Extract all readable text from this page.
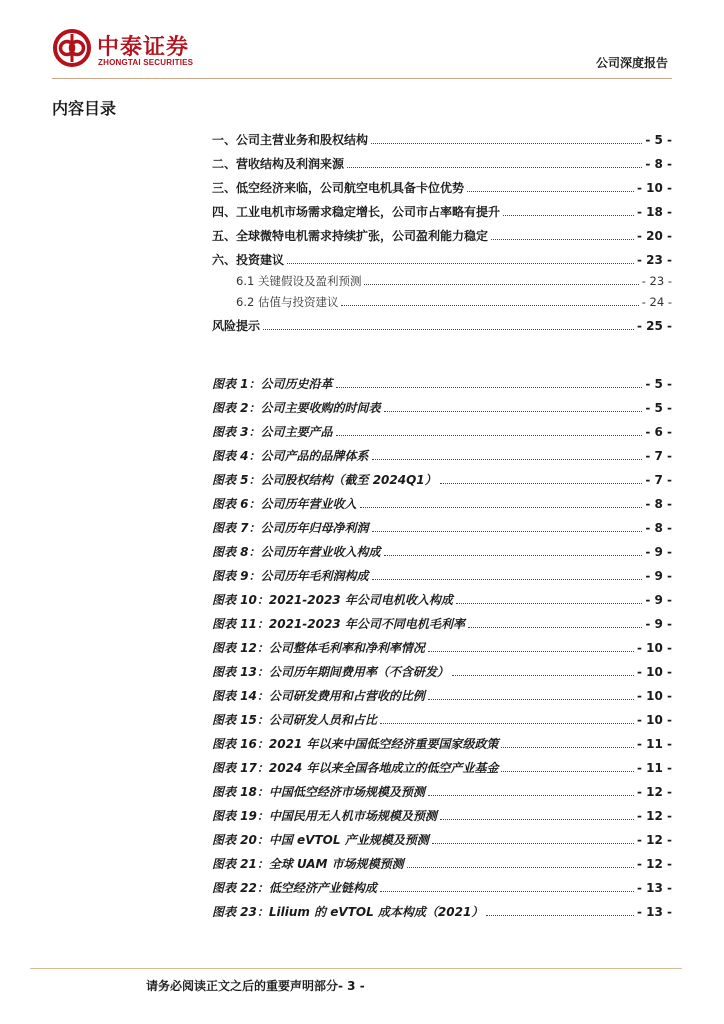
中泰证券
ZHONGTAI SECURITIES	公司深度报告
内容目录
一、公司主营业务和股权结构	- 5 -
二、营收结构及利润来源	- 8 -
三、低空经济来临，公司航空电机具备卡位优势	- 10 -
四、工业电机市场需求稳定增长，公司市占率略有提升	- 18 -
五、全球微特电机需求持续扩张，公司盈利能力稳定	- 20 -
六、投资建议	- 23 -
6.1 关键假设及盈利预测	- 23 -
6.2 估值与投资建议	- 24 -
风险提示	- 25 -
图表 1：公司历史沿革	- 5 -
图表 2：公司主要收购的时间表	- 5 -
图表 3：公司主要产品	- 6 -
图表 4：公司产品的品牌体系	- 7 -
图表 5：公司股权结构（截至 2024Q1）	- 7 -
图表 6：公司历年营业收入	- 8 -
图表 7：公司历年归母净利润	- 8 -
图表 8：公司历年营业收入构成	- 9 -
图表 9：公司历年毛利润构成	- 9 -
图表 10：2021-2023 年公司电机收入构成	- 9 -
图表 11：2021-2023 年公司不同电机毛利率	- 9 -
图表 12：公司整体毛利率和净利率情况	- 10 -
图表 13：公司历年期间费用率（不含研发）	- 10 -
图表 14：公司研发费用和占营收的比例	- 10 -
图表 15：公司研发人员和占比	- 10 -
图表 16：2021 年以来中国低空经济重要国家级政策	- 11 -
图表 17：2024 年以来全国各地成立的低空产业基金	- 11 -
图表 18：中国低空经济市场规模及预测	- 12 -
图表 19：中国民用无人机市场规模及预测	- 12 -
图表 20：中国 eVTOL 产业规模及预测	- 12 -
图表 21：全球 UAM 市场规模预测	- 12 -
图表 22：低空经济产业链构成	- 13 -
图表 23：Lilium 的 eVTOL 成本构成（2021）	- 13 -
请务必阅读正文之后的重要声明部分- 3 -
